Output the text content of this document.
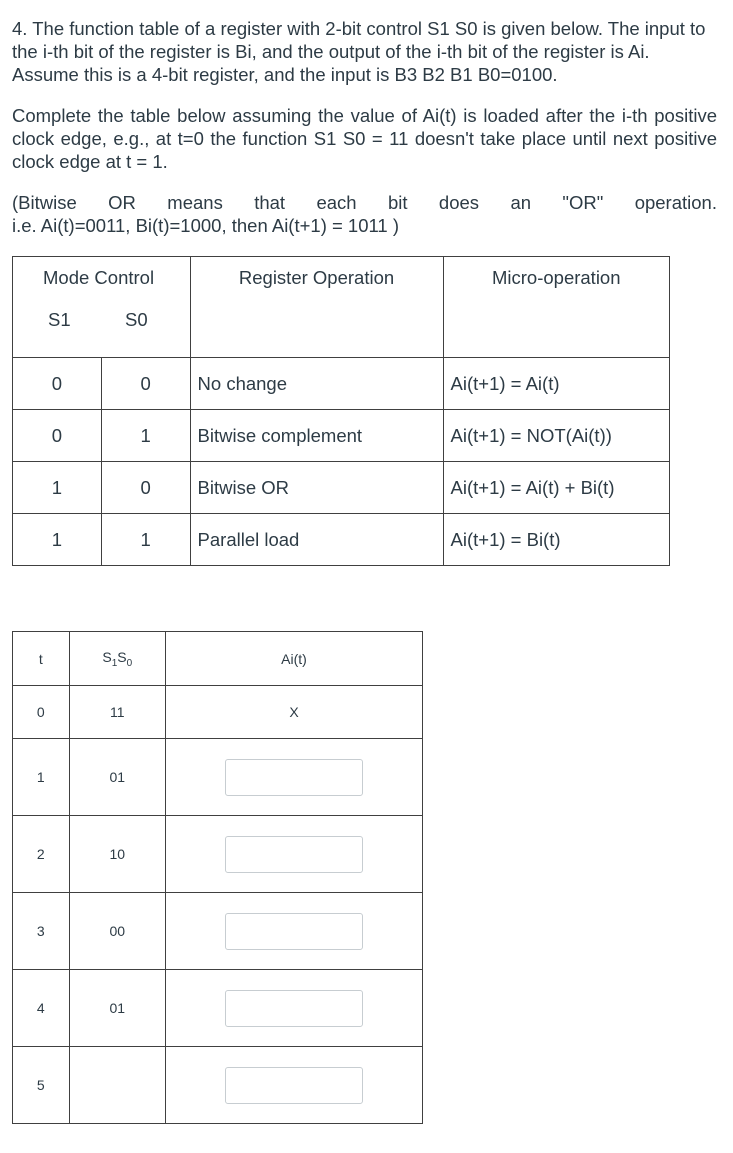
4. The function table of a register with 2-bit control S1 S0 is given below. The input to the i-th bit of the register is Bi, and the output of the i-th bit of the register is Ai. Assume this is a 4-bit register, and the input is B3 B2 B1 B0=0100.

Complete the table below assuming the value of Ai(t) is loaded after the i-th positive clock edge, e.g., at t=0 the function S1 S0 = 11 doesn't take place until next positive clock edge at t = 1.

(Bitwise OR means that each bit does an "OR" operation.
i.e. Ai(t)=0011, Bi(t)=1000, then Ai(t+1) = 1011 )
Mode Control
S1 S0		Register Operation	Micro-operation
0	0	No change	Ai(t+1) = Ai(t)
0	1	Bitwise complement	Ai(t+1) = NOT(Ai(t))
1	0	Bitwise OR	Ai(t+1) = Ai(t) + Bi(t)
1	1	Parallel load	Ai(t+1) = Bi(t)
t	$S_1S_0$	Ai(t)
0	11	X
1	01	

2	10	

3	00	

4	01	

5		
